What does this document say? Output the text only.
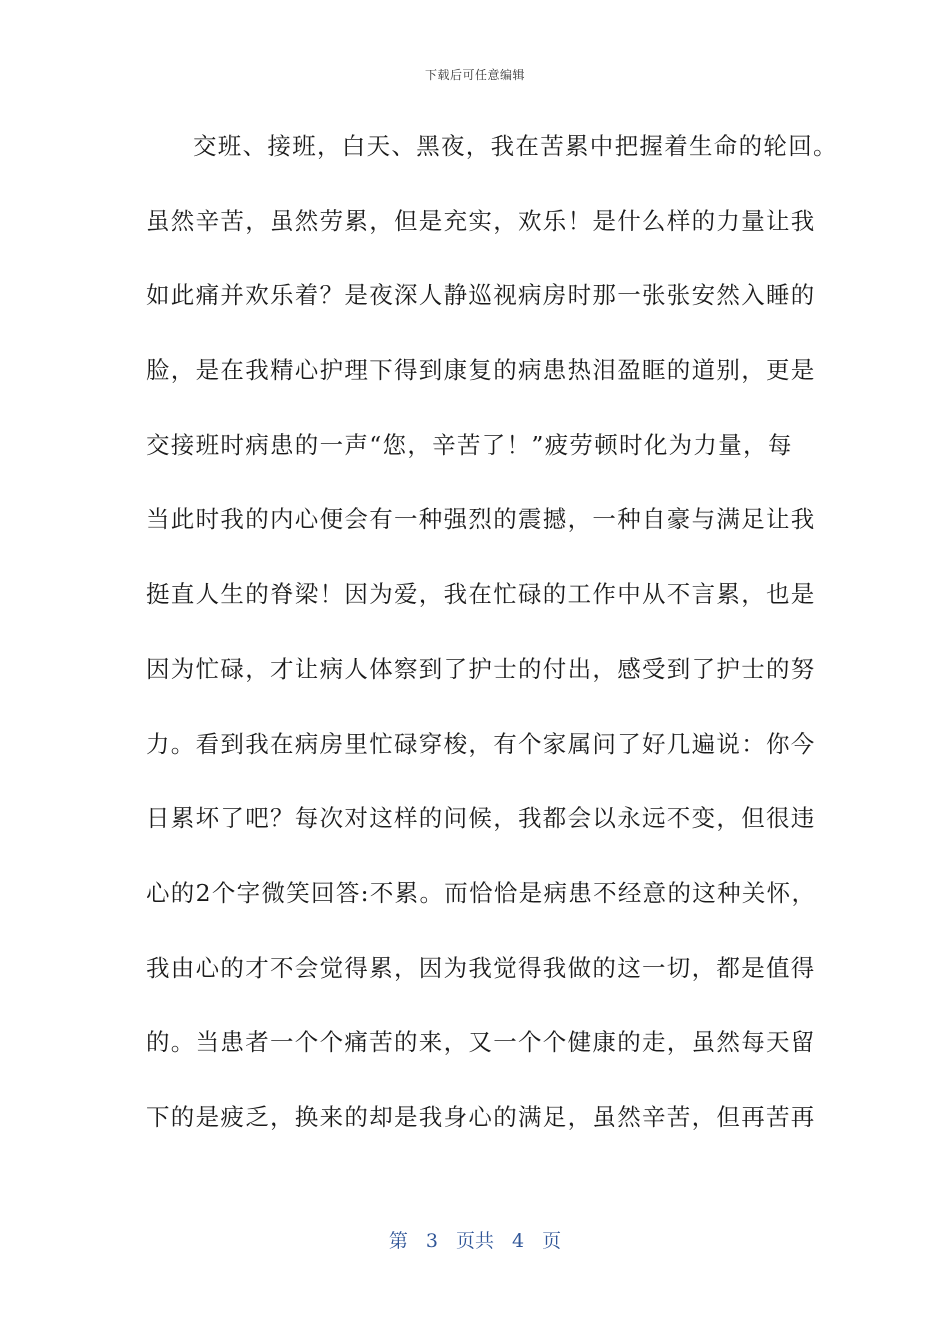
下载后可任意编辑
交班、接班，白天、黑夜，我在苦累中把握着生命的轮回。
虽然辛苦，虽然劳累，但是充实，欢乐！是什么样的力量让我
如此痛并欢乐着？是夜深人静巡视病房时那一张张安然入睡的
脸，是在我精心护理下得到康复的病患热泪盈眶的道别，更是
交接班时病患的一声“您，辛苦了！”疲劳顿时化为力量，每
当此时我的内心便会有一种强烈的震撼，一种自豪与满足让我
挺直人生的脊梁！因为爱，我在忙碌的工作中从不言累，也是
因为忙碌，才让病人体察到了护士的付出，感受到了护士的努
力。看到我在病房里忙碌穿梭，有个家属问了好几遍说：你今
日累坏了吧？每次对这样的问候，我都会以永远不变，但很违
心的2个字微笑回答:不累。而恰恰是病患不经意的这种关怀，
我由心的才不会觉得累，因为我觉得我做的这一切，都是值得
的。当患者一个个痛苦的来，又一个个健康的走，虽然每天留
下的是疲乏，换来的却是我身心的满足，虽然辛苦，但再苦再
第 3 页共 4 页
